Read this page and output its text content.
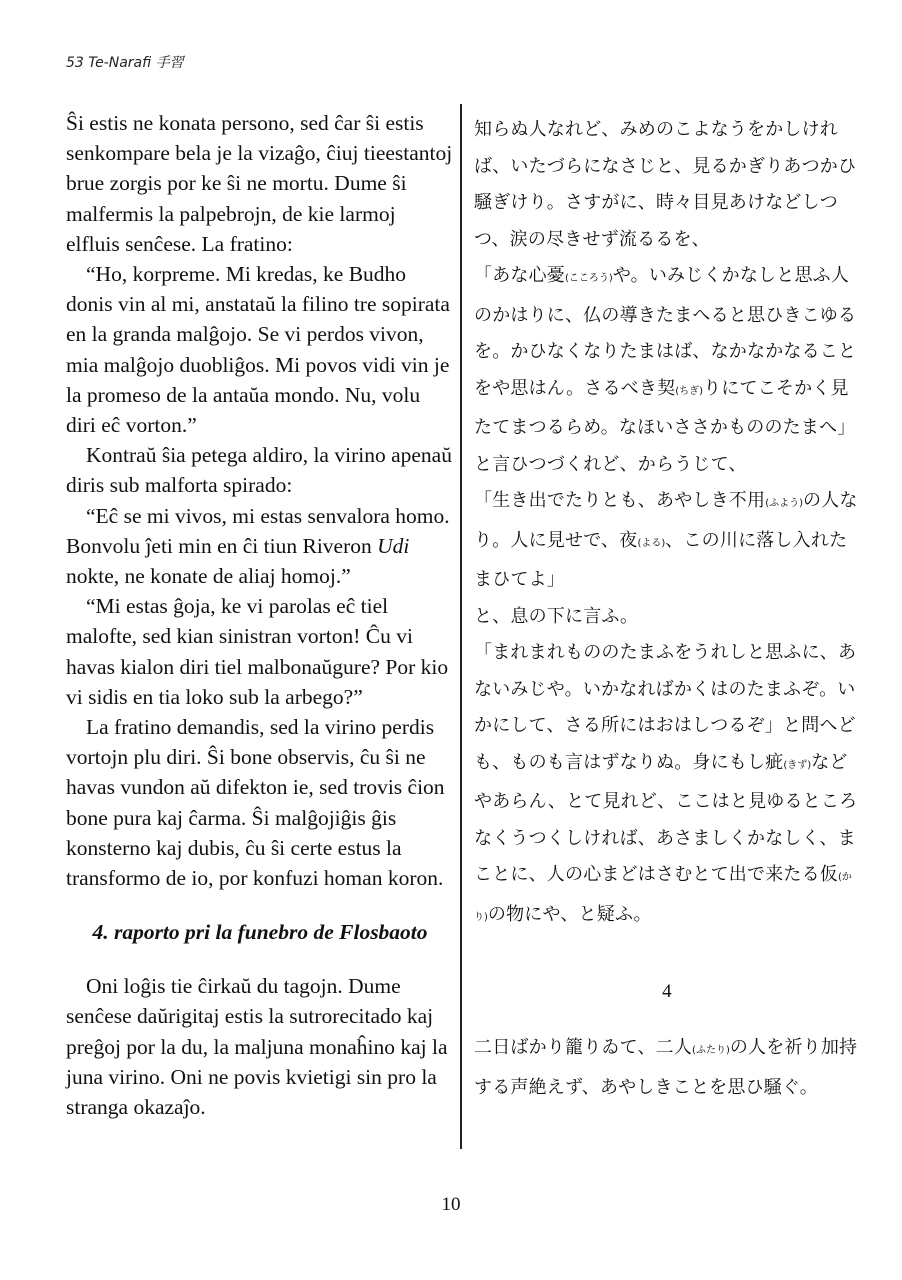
53 Te-Narafi 手習

Ŝi estis ne konata persono, sed ĉar ŝi estis senkompare bela je la vizaĝo, ĉiuj tieestantoj brue zorgis por ke ŝi ne mortu. Dume ŝi malfermis la palpebrojn, de kie larmoj elfluis senĉese. La fratino:

“Ho, korpreme. Mi kredas, ke Budho donis vin al mi, anstataŭ la filino tre sopirata en la granda malĝojo. Se vi perdos vivon, mia malĝojo duobliĝos. Mi povos vidi vin je la promeso de la antaŭa mondo. Nu, volu diri eĉ vorton.”

Kontraŭ ŝia petega aldiro, la virino apenaŭ diris sub malforta spirado:

“Eĉ se mi vivos, mi estas senvalora homo. Bonvolu ĵeti min en ĉi tiun Riveron Udi nokte, ne konate de aliaj homoj.”

“Mi estas ĝoja, ke vi parolas eĉ tiel malofte, sed kian sinistran vorton! Ĉu vi havas kialon diri tiel malbonaŭgure? Por kio vi sidis en tia loko sub la arbego?”

La fratino demandis, sed la virino perdis vortojn plu diri. Ŝi bone observis, ĉu ŝi ne havas vundon aŭ difekton ie, sed trovis ĉion bone pura kaj ĉarma. Ŝi malĝojiĝis ĝis konsterno kaj dubis, ĉu ŝi certe estus la transformo de io, por konfuzi homan koron.

4. raporto pri la funebro de Flosbaoto

Oni loĝis tie ĉirkaŭ du tagojn. Dume senĉese daŭrigitaj estis la sutrorecitado kaj preĝoj por la du, la maljuna monaĥino kaj la juna virino. Oni ne povis kvietigi sin pro la stranga okazaĵo.

知らぬ人なれど、みめのこよなうをかしければ、いたづらになさじと、見るかぎりあつかひ騒ぎけり。さすがに、時々目見あけなどしつつ、涙の尽きせず流るるを、

「あな心憂(こころう)や。いみじくかなしと思ふ人のかはりに、仏の導きたまへると思ひきこゆるを。かひなくなりたまはば、なかなかなることをや思はん。さるべき契(ちぎ)りにてこそかく見たてまつるらめ。なほいささかもののたまへ」

と言ひつづくれど、からうじて、

「生き出でたりとも、あやしき不用(ふよう)の人なり。人に見せで、夜(よる)、この川に落し入れたまひてよ」

と、息の下に言ふ。

「まれまれもののたまふをうれしと思ふに、あないみじや。いかなればかくはのたまふぞ。いかにして、さる所にはおはしつるぞ」と問へども、ものも言はずなりぬ。身にもし疵(きず)などやあらん、とて見れど、ここはと見ゆるところなくうつくしければ、あさましくかなしく、まことに、人の心まどはさむとて出で来たる仮(かり)の物にや、と疑ふ。

4

二日ばかり籠りゐて、二人(ふたり)の人を祈り加持する声絶えず、あやしきことを思ひ騒ぐ。

10
